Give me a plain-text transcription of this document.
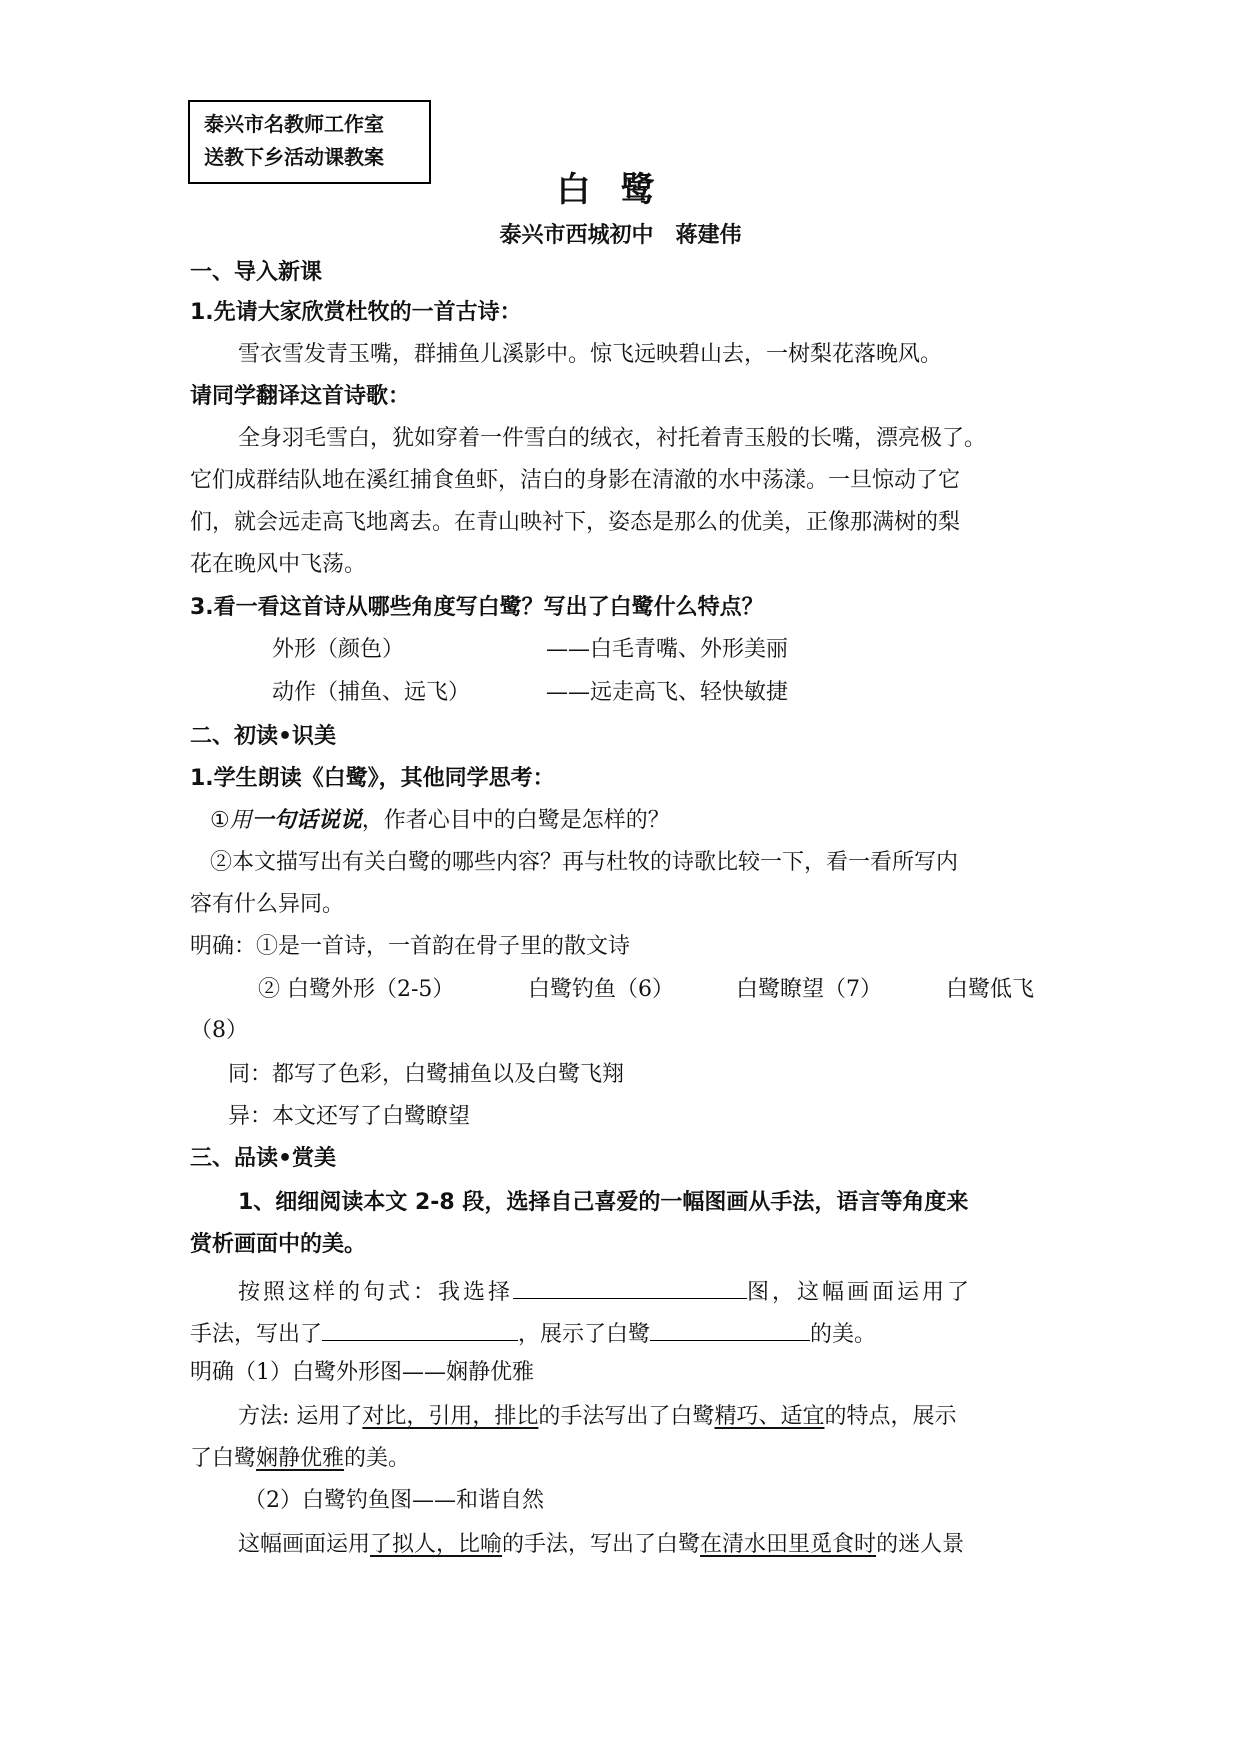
泰兴市名教师工作室
送教下乡活动课教案
白鹭
泰兴市西城初中　蒋建伟
一、导入新课
1.先请大家欣赏杜牧的一首古诗：
雪衣雪发青玉嘴，群捕鱼儿溪影中。惊飞远映碧山去，一树梨花落晚风。
请同学翻译这首诗歌：
全身羽毛雪白，犹如穿着一件雪白的绒衣，衬托着青玉般的长嘴，漂亮极了。
它们成群结队地在溪红捕食鱼虾，洁白的身影在清澈的水中荡漾。一旦惊动了它
们，就会远走高飞地离去。在青山映衬下，姿态是那么的优美，正像那满树的梨
花在晚风中飞荡。
3.看一看这首诗从哪些角度写白鹭？写出了白鹭什么特点？
外形（颜色）	——白毛青嘴、外形美丽
动作（捕鱼、远飞）	——远走高飞、轻快敏捷
二、初读•识美
1.学生朗读《白鹭》，其他同学思考：
①用一句话说说，作者心目中的白鹭是怎样的？
②本文描写出有关白鹭的哪些内容？再与杜牧的诗歌比较一下，看一看所写内
容有什么异同。
明确：①是一首诗，一首韵在骨子里的散文诗
② 白鹭外形（2-5）	白鹭钓鱼（6）	白鹭瞭望（7）	白鹭低飞
（8）
同：都写了色彩，白鹭捕鱼以及白鹭飞翔
异：本文还写了白鹭瞭望
三、品读•赏美
1、细细阅读本文 2-8 段，选择自己喜爱的一幅图画从手法，语言等角度来
赏析画面中的美。
按照这样的句式：我选择	图，这幅画面运用了
手法，写出了	，展示了白鹭	的美。
明确（1）白鹭外形图——娴静优雅
方法: 运用了对比，引用，排比的手法写出了白鹭精巧、适宜的特点，展示
了白鹭娴静优雅的美。
（2）白鹭钓鱼图——和谐自然
这幅画面运用了拟人，比喻的手法，写出了白鹭在清水田里觅食时的迷人景
